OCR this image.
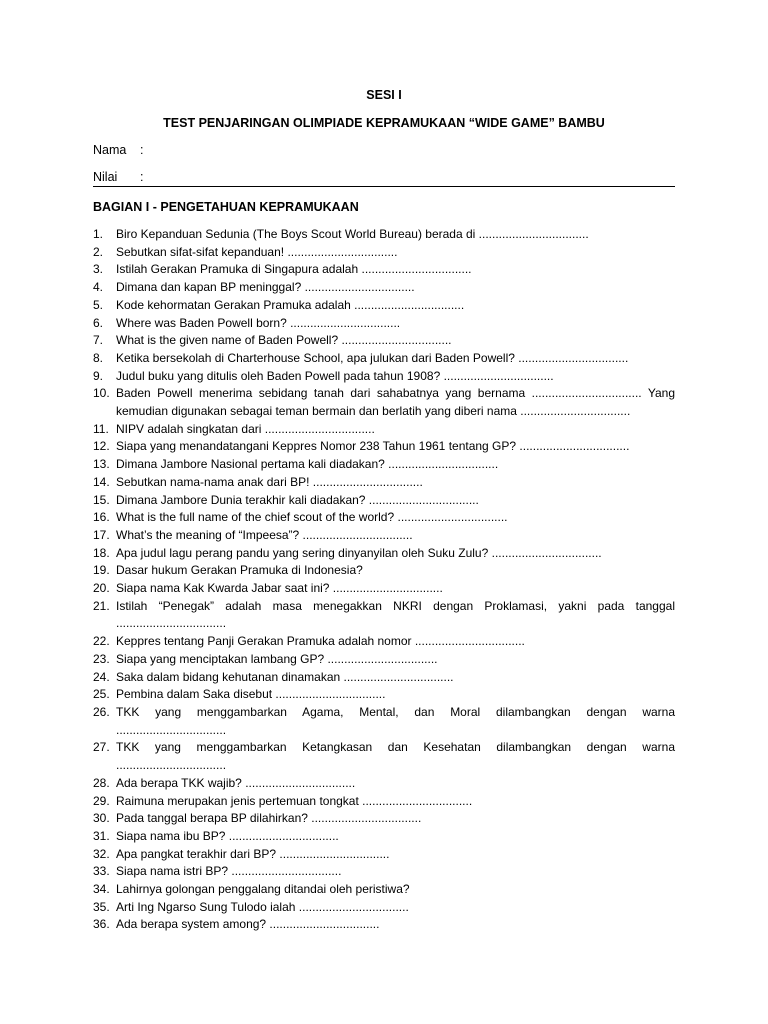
SESI I
TEST PENJARINGAN OLIMPIADE KEPRAMUKAAN “WIDE GAME” BAMBU
Nama :
Nilai :
BAGIAN I - PENGETAHUAN KEPRAMUKAAN
1. Biro Kepanduan Sedunia (The Boys Scout World Bureau) berada di .................................
2. Sebutkan sifat-sifat kepanduan! .................................
3. Istilah Gerakan Pramuka di Singapura adalah .................................
4. Dimana dan kapan BP meninggal? .................................
5. Kode kehormatan Gerakan Pramuka adalah .................................
6. Where was Baden Powell born? .................................
7. What is the given name of Baden Powell? .................................
8. Ketika bersekolah di Charterhouse School, apa julukan dari Baden Powell? .................................
9. Judul buku yang ditulis oleh Baden Powell pada tahun 1908? .................................
10. Baden Powell menerima sebidang tanah dari sahabatnya yang bernama ................................. Yang kemudian digunakan sebagai teman bermain dan berlatih yang diberi nama .................................
11. NIPV adalah singkatan dari .................................
12. Siapa yang menandatangani Keppres Nomor 238 Tahun 1961 tentang GP? .................................
13. Dimana Jambore Nasional pertama kali diadakan? .................................
14. Sebutkan nama-nama anak dari BP! .................................
15. Dimana Jambore Dunia terakhir kali diadakan? .................................
16. What is the full name of the chief scout of the world? .................................
17. What’s the meaning of “Impeesa”? .................................
18. Apa judul lagu perang pandu yang sering dinyanyilan oleh Suku Zulu? .................................
19. Dasar hukum Gerakan Pramuka di Indonesia?
20. Siapa nama Kak Kwarda Jabar saat ini? .................................
21. Istilah “Penegak” adalah masa menegakkan NKRI dengan Proklamasi, yakni pada tanggal .................................
22. Keppres tentang Panji Gerakan Pramuka adalah nomor .................................
23. Siapa yang menciptakan lambang GP? .................................
24. Saka dalam bidang kehutanan dinamakan .................................
25. Pembina dalam Saka disebut .................................
26. TKK yang menggambarkan Agama, Mental, dan Moral dilambangkan dengan warna .................................
27. TKK yang menggambarkan Ketangkasan dan Kesehatan dilambangkan dengan warna .................................
28. Ada berapa TKK wajib? .................................
29. Raimuna merupakan jenis pertemuan tongkat .................................
30. Pada tanggal berapa BP dilahirkan? .................................
31. Siapa nama ibu BP? .................................
32. Apa pangkat terakhir dari BP? .................................
33. Siapa nama istri BP? .................................
34. Lahirnya golongan penggalang ditandai oleh peristiwa?
35. Arti Ing Ngarso Sung Tulodo ialah .................................
36. Ada berapa system among? .................................
